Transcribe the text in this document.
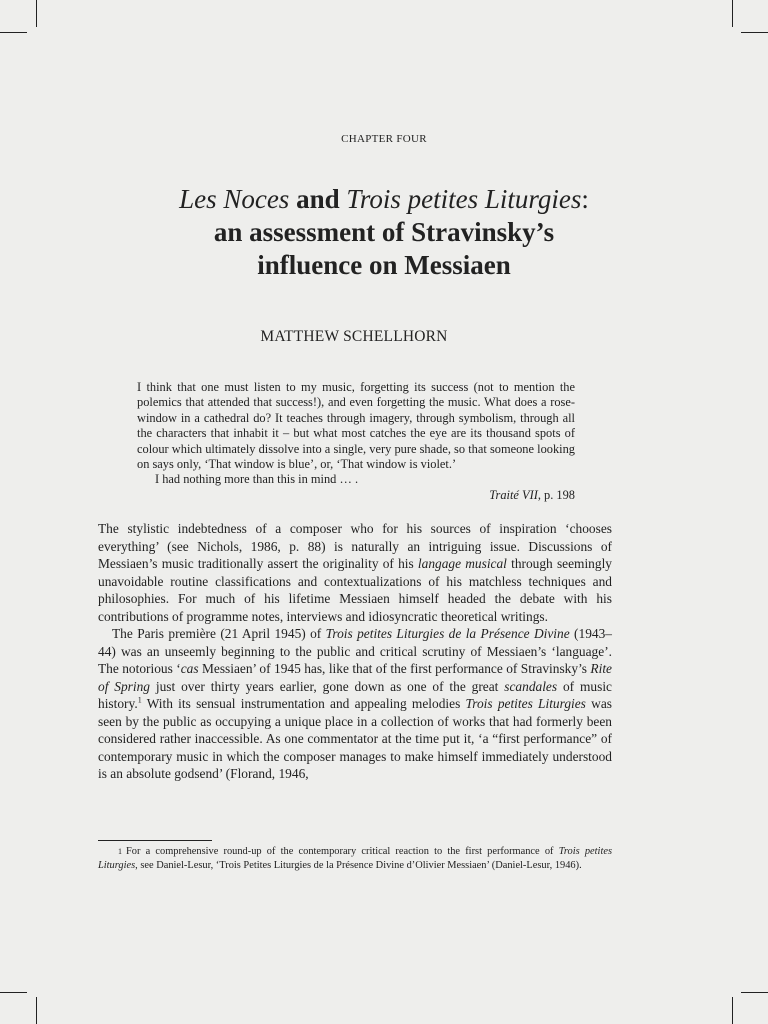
CHAPTER FOUR
Les Noces and Trois petites Liturgies:
an assessment of Stravinsky’s
influence on Messiaen
MATTHEW SCHELLHORN

I think that one must listen to my music, forgetting its success (not to mention the polemics that attended that success!), and even forgetting the music. What does a rose-window in a cathedral do? It teaches through imagery, through symbolism, through all the characters that inhabit it – but what most catches the eye are its thousand spots of colour which ultimately dissolve into a single, very pure shade, so that someone looking on says only, ‘That window is blue’, or, ‘That window is violet.’

I had nothing more than this in mind … .

Traité VII, p. 198

The stylistic indebtedness of a composer who for his sources of inspiration ‘chooses everything’ (see Nichols, 1986, p. 88) is naturally an intriguing issue. Discussions of Messiaen’s music traditionally assert the originality of his langage musical through seemingly unavoidable routine classifications and contextualizations of his matchless techniques and philosophies. For much of his lifetime Messiaen himself headed the debate with his contributions of programme notes, interviews and idiosyncratic theoretical writings.

The Paris première (21 April 1945) of Trois petites Liturgies de la Présence Divine (1943–44) was an unseemly beginning to the public and critical scrutiny of Messiaen’s ‘language’. The notorious ‘cas Messiaen’ of 1945 has, like that of the first performance of Stravinsky’s Rite of Spring just over thirty years earlier, gone down as one of the great scandales of music history.$^1$ With its sensual instrumentation and appealing melodies Trois petites Liturgies was seen by the public as occupying a unique place in a collection of works that had formerly been considered rather inaccessible. As one commentator at the time put it, ‘a “first performance” of contemporary music in which the composer manages to make himself immediately understood is an absolute godsend’ (Florand, 1946,

1 For a comprehensive round-up of the contemporary critical reaction to the first performance of Trois petites Liturgies, see Daniel-Lesur, ‘Trois Petites Liturgies de la Présence Divine d’Olivier Messiaen’ (Daniel-Lesur, 1946).
